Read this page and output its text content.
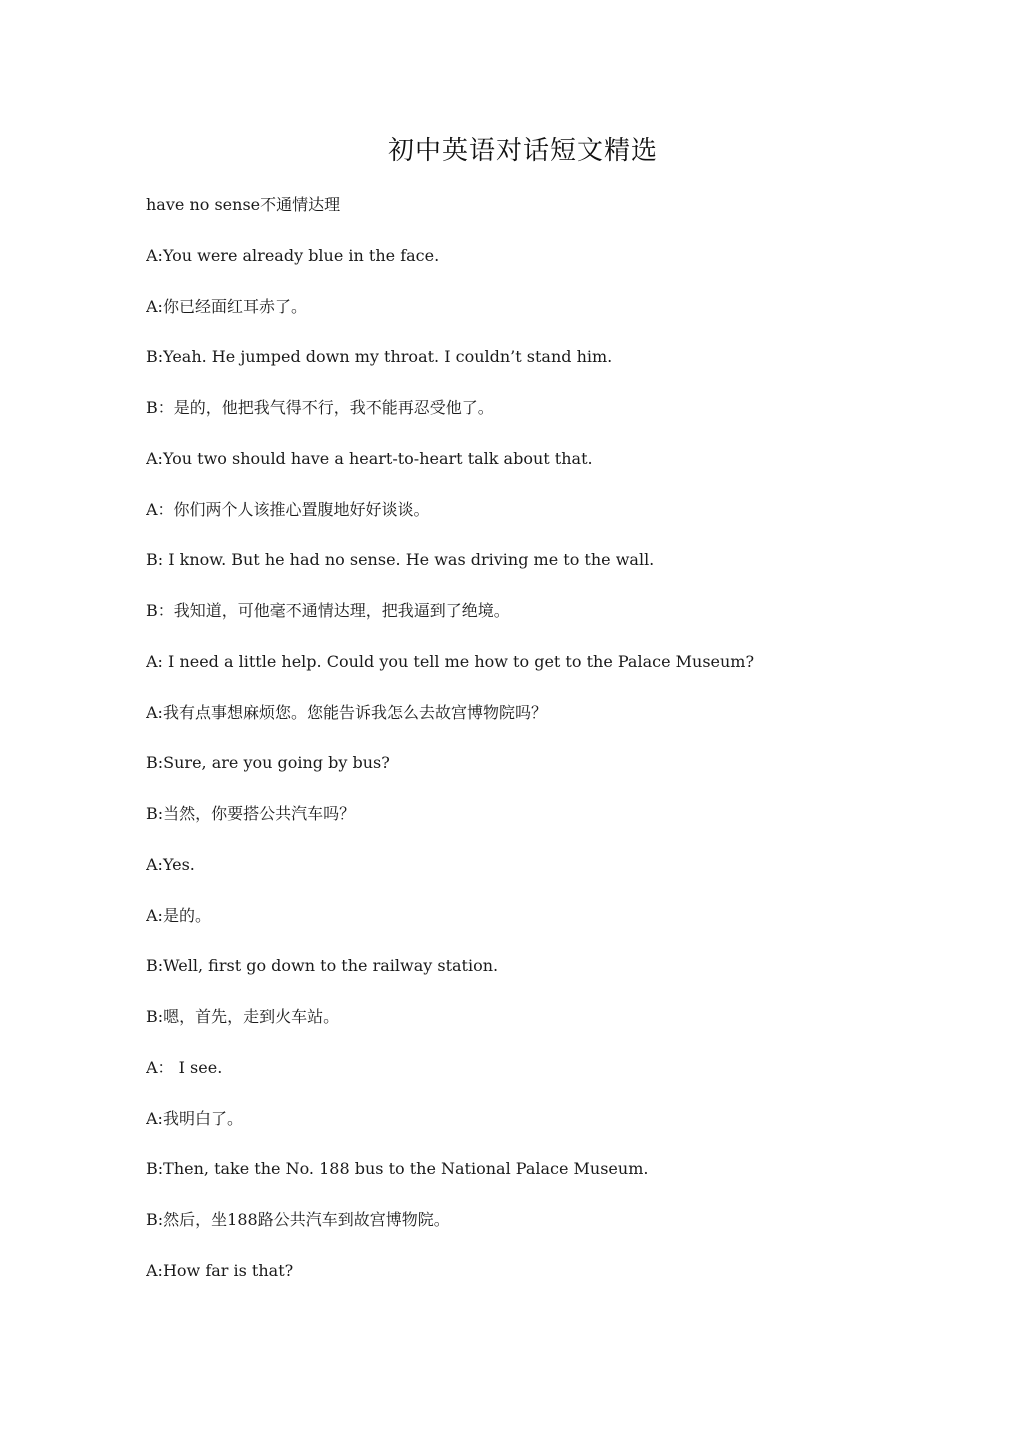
初中英语对话短文精选
have no sense不通情达理
A:You were already blue in the face.
A:你已经面红耳赤了。
B:Yeah. He jumped down my throat. I couldn’t stand him.
B：是的，他把我气得不行，我不能再忍受他了。
A:You two should have a heart-to-heart talk about that.
A：你们两个人该推心置腹地好好谈谈。
B: I know. But he had no sense. He was driving me to the wall.
B：我知道，可他毫不通情达理，把我逼到了绝境。
A: I need a little help. Could you tell me how to get to the Palace Museum?
A:我有点事想麻烦您。您能告诉我怎么去故宫博物院吗？
B:Sure, are you going by bus?
B:当然，你要搭公共汽车吗？
A:Yes.
A:是的。
B:Well, first go down to the railway station.
B:嗯，首先，走到火车站。
A： I see.
A:我明白了。
B:Then, take the No. 188 bus to the National Palace Museum.
B:然后，坐188路公共汽车到故宫博物院。
A:How far is that?
